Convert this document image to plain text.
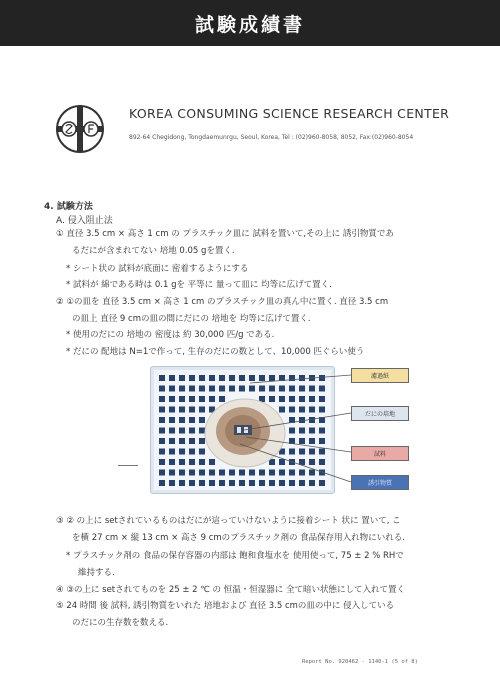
試験成績書
KOREA CONSUMING SCIENCE RESEARCH CENTER
892-64 Chegidong, Tongdaemunrgu, Seoul, Korea, Tel : (02)960-8058, 8052, Fax:(02)960-8054
4. 試験方法
A. 侵入阻止法
① 直径 3.5 cm × 高さ 1 cm の プラスチック皿に 試料を置いて,その上に 誘引物質であ
るだにが含まれてない 培地 0.05 gを置く.
* シート状の 試料が底面に 密着するようにする
* 試料が 綿である時は 0.1 gを 平等に 量って皿に 均等に広げて置く.
② ①の皿を 直径 3.5 cm × 高さ 1 cm のプラスチック皿の真ん中に置く. 直径 3.5 cm
の皿上 直径 9 cmの皿の間にだにの 培地を 均等に広げて置く.
* 使用のだにの 培地の 密度は 約 30,000 匹/g である.
* だにの 配地は N=1で作って, 生存のだにの数として、10,000 匹ぐらい使う
濾過紙
だにの培地
試料
誘引物質
③ ② の上に setされているものはだにが這っていけないように接着シート 状に 置いて, こ
を横 27 cm × 縦 13 cm × 高さ 9 cmのプラスチック剤の 食品保存用入れ物にいれる.
* プラスチック剤の 食品の保存容器の内部は 飽和食塩水を 使用使って, 75 ± 2 % RHで
維持する.
④ ③の上に setされてものを 25 ± 2 ℃ の 恒温・恒湿器に 全て暗い状態にして入れて置く
⑤ 24 時間 後 試料, 誘引物質をいれた 培地および 直径 3.5 cmの皿の中に 侵入している
のだにの生存数を数える.
Report No. 920462 - 1140-1 (5 of 8)
